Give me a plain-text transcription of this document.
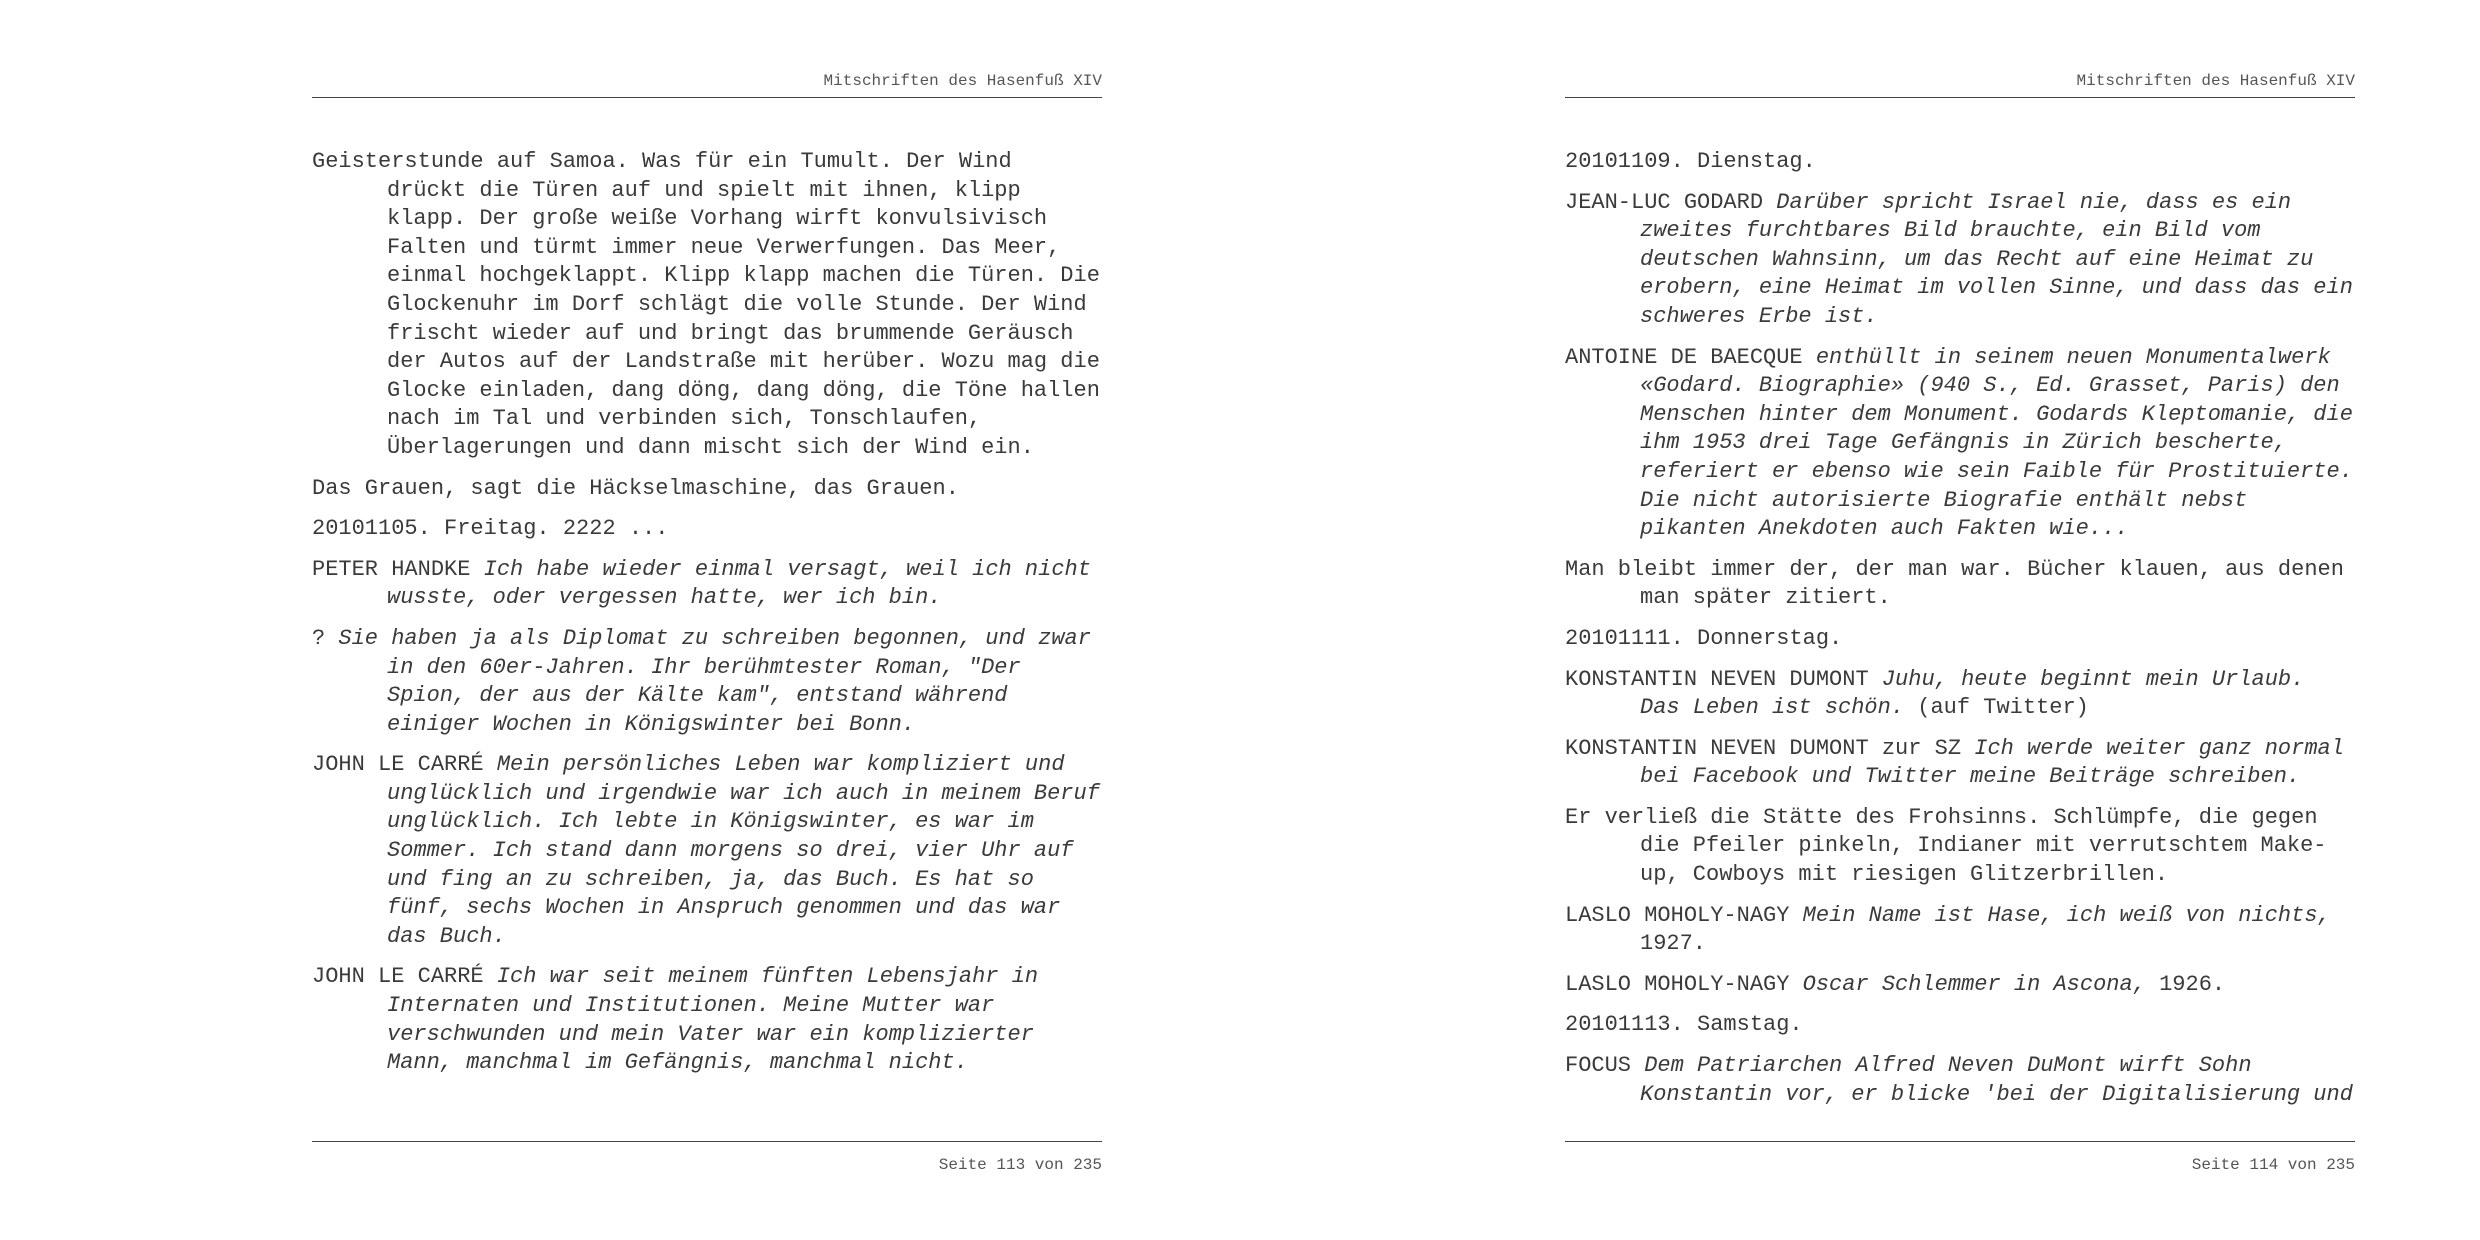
Mitschriften des Hasenfuß XIV

Geisterstunde auf Samoa. Was für ein Tumult. Der Wind drückt die Türen auf und spielt mit ihnen, klipp klapp. Der große weiße Vorhang wirft konvulsivisch Falten und türmt immer neue Verwerfungen. Das Meer, einmal hochgeklappt. Klipp klapp machen die Türen. Die Glockenuhr im Dorf schlägt die volle Stunde. Der Wind frischt wieder auf und bringt das brummende Geräusch der Autos auf der Landstraße mit herüber. Wozu mag die Glocke einladen, dang döng, dang döng, die Töne hallen nach im Tal und verbinden sich, Tonschlaufen, Überlagerungen und dann mischt sich der Wind ein.

Das Grauen, sagt die Häckselmaschine, das Grauen.

20101105. Freitag. 2222 ...

PETER HANDKE Ich habe wieder einmal versagt, weil ich nicht wusste, oder vergessen hatte, wer ich bin.

? Sie haben ja als Diplomat zu schreiben begonnen, und zwar in den 60er-Jahren. Ihr berühmtester Roman, "Der Spion, der aus der Kälte kam", entstand während einiger Wochen in Königswinter bei Bonn.

JOHN LE CARRÉ Mein persönliches Leben war kompliziert und unglücklich und irgendwie war ich auch in meinem Beruf unglücklich. Ich lebte in Königswinter, es war im Sommer. Ich stand dann morgens so drei, vier Uhr auf und fing an zu schreiben, ja, das Buch. Es hat so fünf, sechs Wochen in Anspruch genommen und das war das Buch.

JOHN LE CARRÉ Ich war seit meinem fünften Lebensjahr in Internaten und Institutionen. Meine Mutter war verschwunden und mein Vater war ein komplizierter Mann, manchmal im Gefängnis, manchmal nicht.

Seite 113 von 235
Mitschriften des Hasenfuß XIV

20101109. Dienstag.

JEAN-LUC GODARD Darüber spricht Israel nie, dass es ein zweites furchtbares Bild brauchte, ein Bild vom deutschen Wahnsinn, um das Recht auf eine Heimat zu erobern, eine Heimat im vollen Sinne, und dass das ein schweres Erbe ist.

ANTOINE DE BAECQUE enthüllt in seinem neuen Monumentalwerk «Godard. Biographie» (940 S., Ed. Grasset, Paris) den Menschen hinter dem Monument. Godards Kleptomanie, die ihm 1953 drei Tage Gefängnis in Zürich bescherte, referiert er ebenso wie sein Faible für Prostituierte. Die nicht autorisierte Biografie enthält nebst pikanten Anekdoten auch Fakten wie...

Man bleibt immer der, der man war. Bücher klauen, aus denen man später zitiert.

20101111. Donnerstag.

KONSTANTIN NEVEN DUMONT Juhu, heute beginnt mein Urlaub. Das Leben ist schön. (auf Twitter)

KONSTANTIN NEVEN DUMONT zur SZ Ich werde weiter ganz normal bei Facebook und Twitter meine Beiträge schreiben.

Er verließ die Stätte des Frohsinns. Schlümpfe, die gegen die Pfeiler pinkeln, Indianer mit verrutschtem Make-up, Cowboys mit riesigen Glitzerbrillen.

LASLO MOHOLY-NAGY Mein Name ist Hase, ich weiß von nichts, 1927.

LASLO MOHOLY-NAGY Oscar Schlemmer in Ascona, 1926.

20101113. Samstag.

FOCUS Dem Patriarchen Alfred Neven DuMont wirft Sohn Konstantin vor, er blicke 'bei der Digitalisierung und

Seite 114 von 235
